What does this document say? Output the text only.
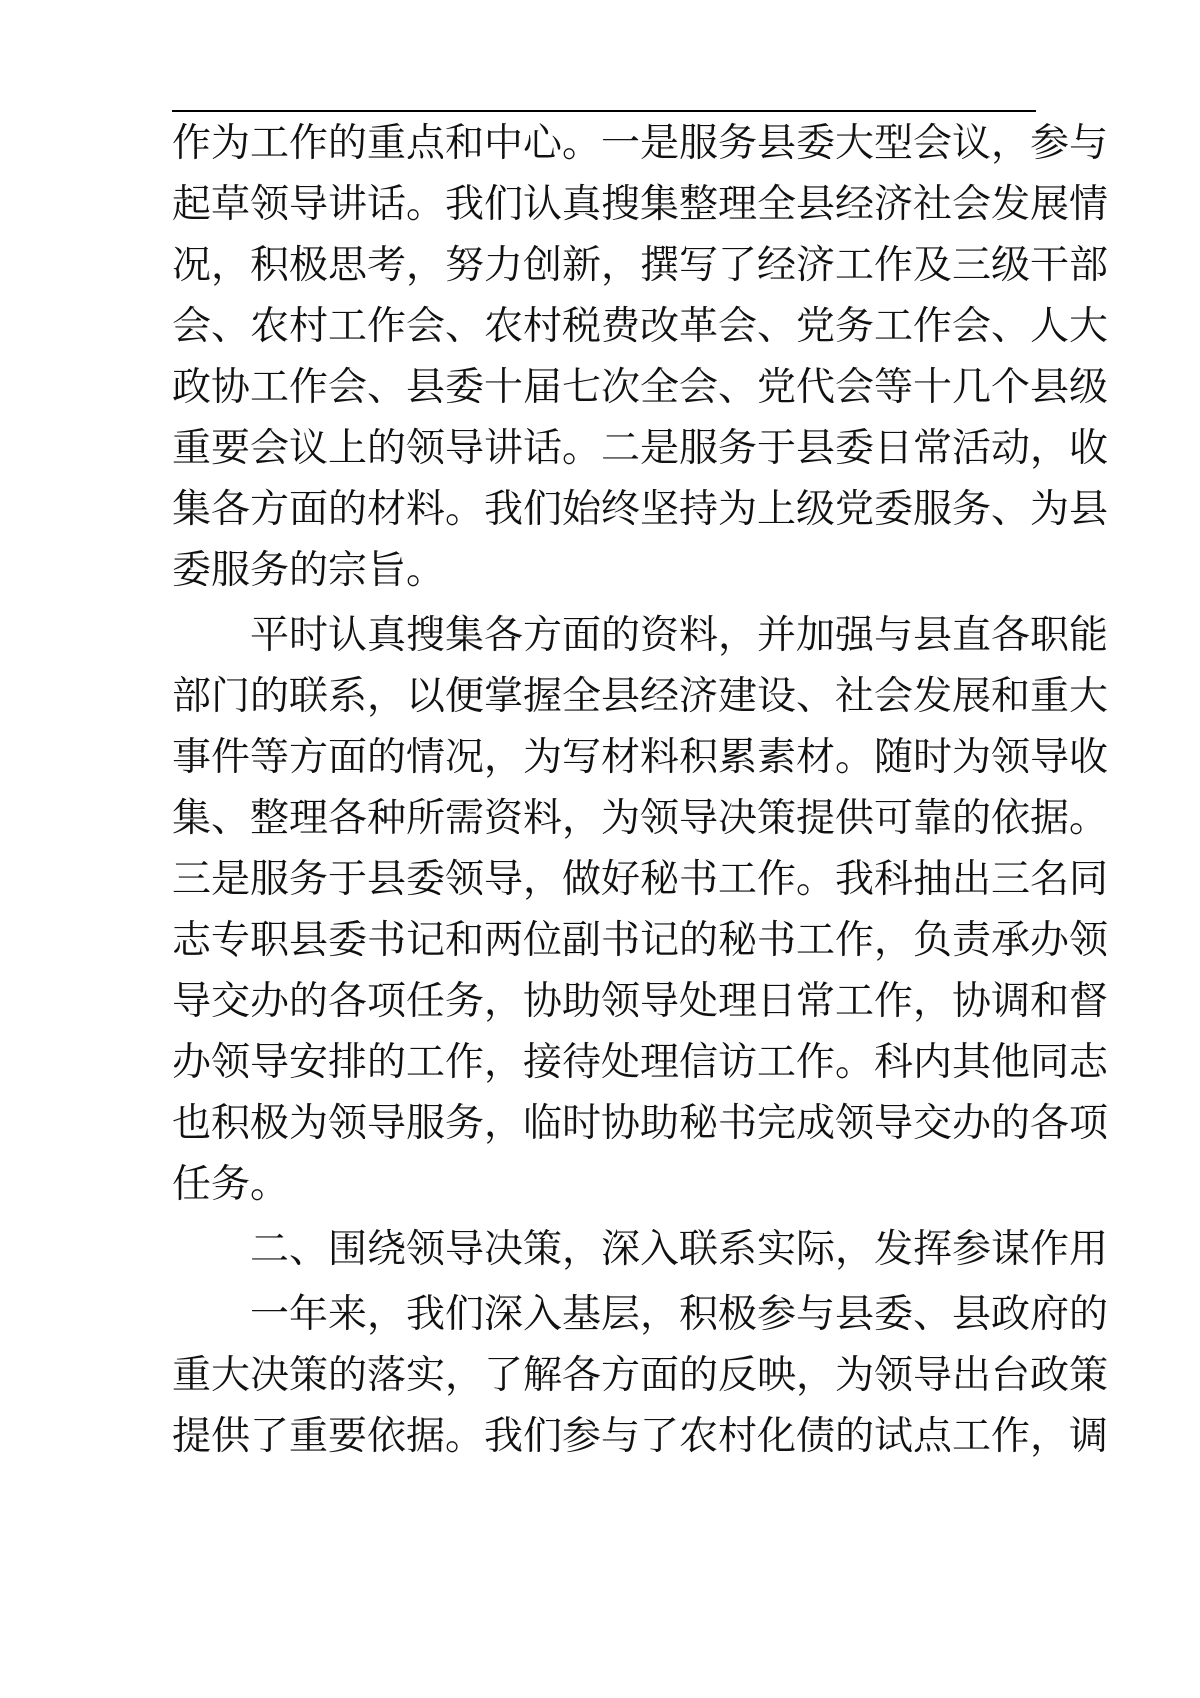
作为工作的重点和中心。一是服务县委大型会议，参与
起草领导讲话。我们认真搜集整理全县经济社会发展情
况，积极思考，努力创新，撰写了经济工作及三级干部
会、农村工作会、农村税费改革会、党务工作会、人大
政协工作会、县委十届七次全会、党代会等十几个县级
重要会议上的领导讲话。二是服务于县委日常活动，收
集各方面的材料。我们始终坚持为上级党委服务、为县
委服务的宗旨。
平时认真搜集各方面的资料，并加强与县直各职能
部门的联系，以便掌握全县经济建设、社会发展和重大
事件等方面的情况，为写材料积累素材。随时为领导收
集、整理各种所需资料，为领导决策提供可靠的依据。
三是服务于县委领导，做好秘书工作。我科抽出三名同
志专职县委书记和两位副书记的秘书工作，负责承办领
导交办的各项任务，协助领导处理日常工作，协调和督
办领导安排的工作，接待处理信访工作。科内其他同志
也积极为领导服务，临时协助秘书完成领导交办的各项
任务。
二、围绕领导决策，深入联系实际，发挥参谋作用
一年来，我们深入基层，积极参与县委、县政府的
重大决策的落实，了解各方面的反映，为领导出台政策
提供了重要依据。我们参与了农村化债的试点工作，调
